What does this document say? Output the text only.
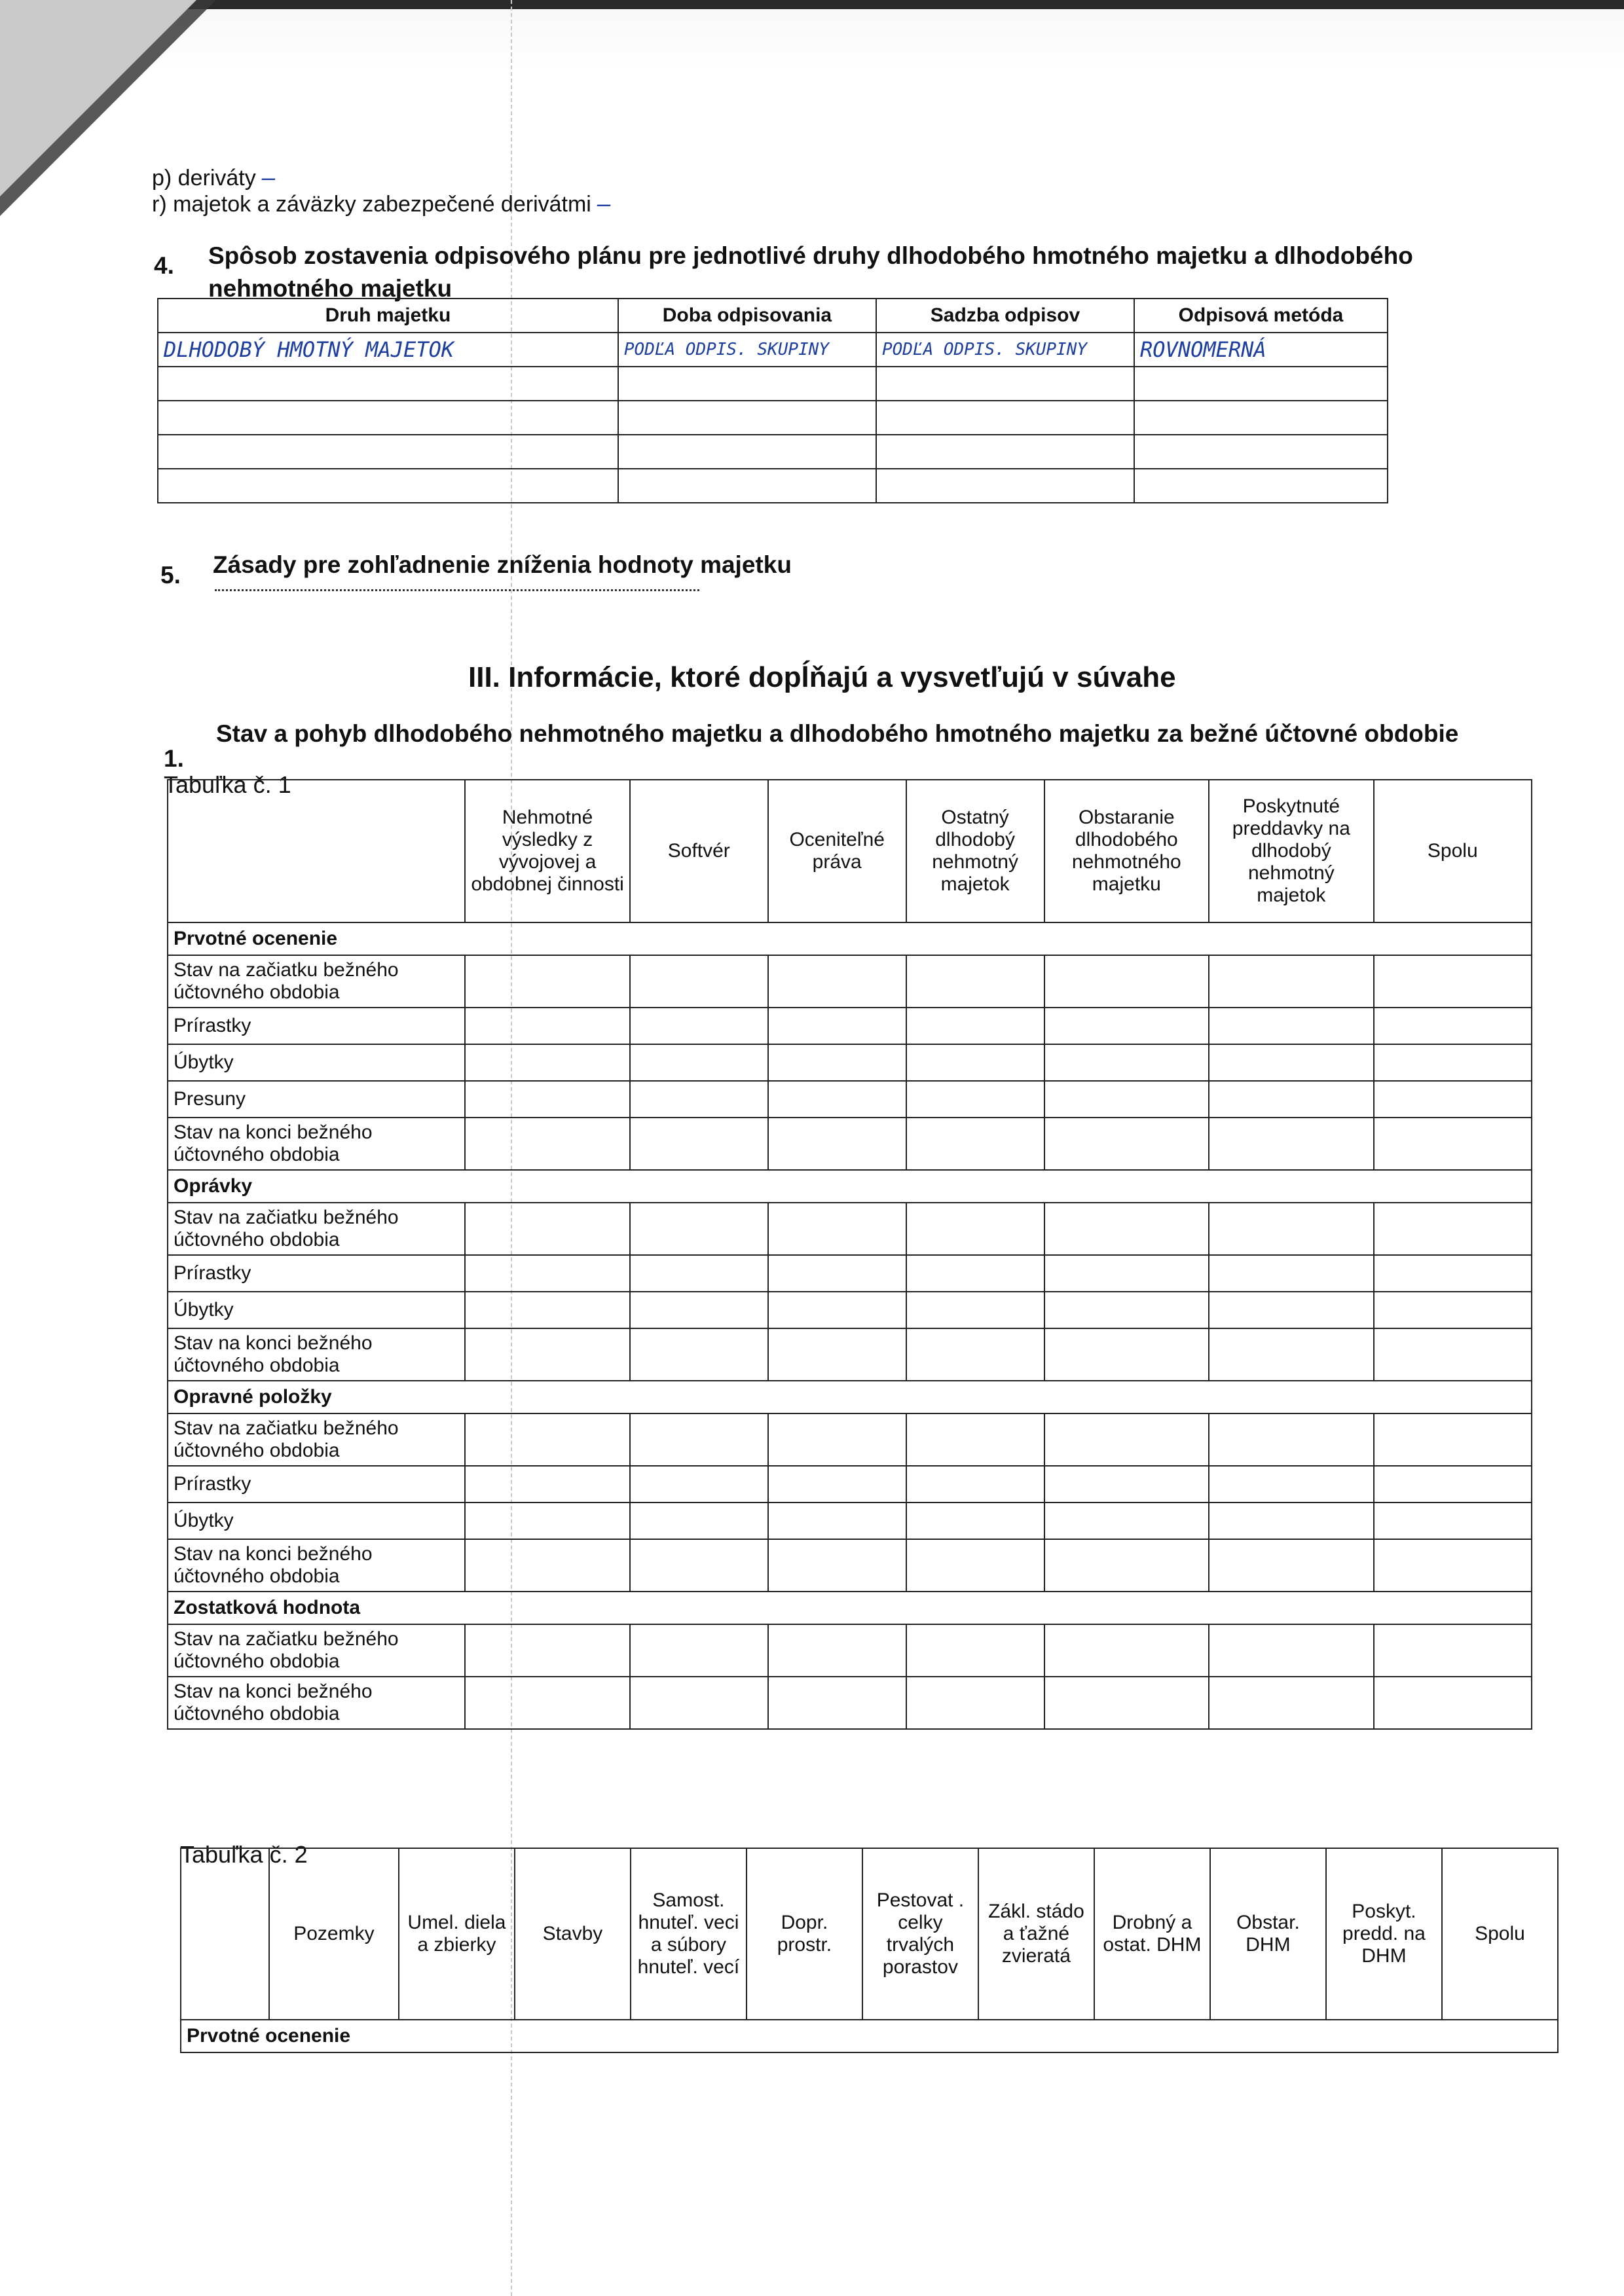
p) deriváty —
r) majetok a záväzky zabezpečené derivátmi —
4. Spôsob zostavenia odpisového plánu pre jednotlivé druhy dlhodobého hmotného majetku a dlhodobého
nehmotného majetku
Druh majetku	Doba odpisovania	Sadzba odpisov	Odpisová metóda
DLHODOBÝ HMOTNÝ MAJETOK	PODĽA ODPIS. SKUPINY	PODĽA ODPIS. SKUPINY	ROVNOMERNÁ

5. Zásady pre zohľadnenie zníženia hodnoty majetku
III. Informácie, ktoré dopĺňajú a vysvetľujú v súvahe
1.
Stav a pohyb dlhodobého nehmotného majetku a dlhodobého hmotného majetku za bežné účtovné obdobie
Tabuľka č. 1
	Nehmotné výsledky z vývojovej a obdobnej činnosti	Softvér	Oceniteľné práva	Ostatný dlhodobý nehmotný majetok	Obstaranie dlhodobého nehmotného majetku	Poskytnuté preddavky na dlhodobý nehmotný majetok	Spolu
Prvotné ocenenie							
Stav na začiatku bežného účtovného obdobia							
Prírastky							
Úbytky							
Presuny							
Stav na konci bežného účtovného obdobia							
Oprávky							
Stav na začiatku bežného účtovného obdobia							
Prírastky							
Úbytky							
Stav na konci bežného účtovného obdobia							
Opravné položky							
Stav na začiatku bežného účtovného obdobia							
Prírastky							
Úbytky							
Stav na konci bežného účtovného obdobia							
Zostatková hodnota							
Stav na začiatku bežného účtovného obdobia							
Stav na konci bežného účtovného obdobia							
Tabuľka č. 2
	Pozemky	Umel. diela a zbierky	Stavby	Samost. hnuteľ. veci a súbory hnuteľ. vecí	Dopr. prostr.	Pestovat . celky trvalých porastov	Zákl. stádo a ťažné zvieratá	Drobný a ostat. DHM	Obstar. DHM	Poskyt. predd. na DHM	Spolu
Prvotné ocenenie
